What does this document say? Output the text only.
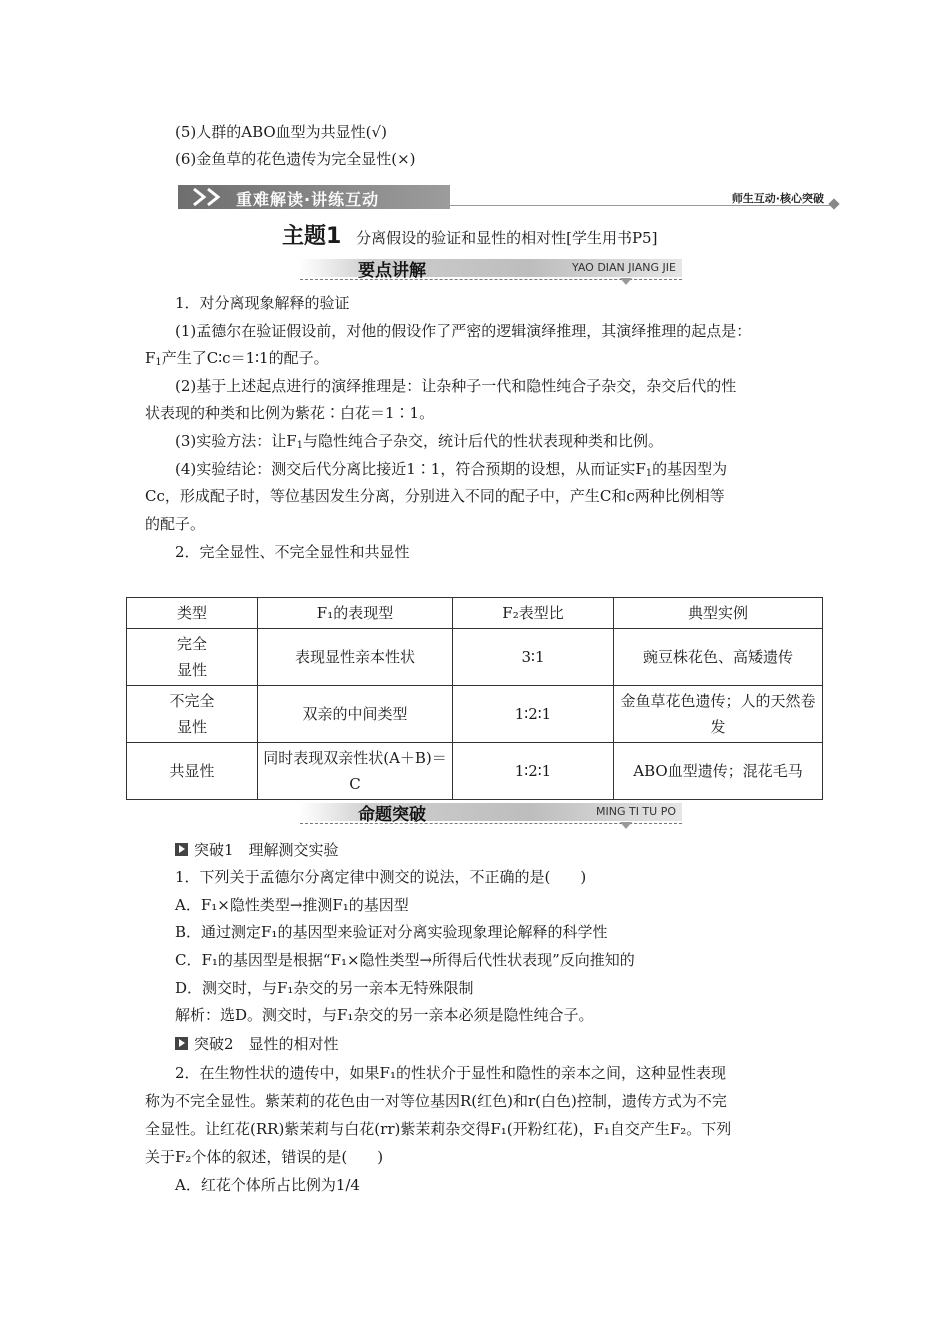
(5)人群的ABO血型为共显性(√)
(6)金鱼草的花色遗传为完全显性(×)
重难解读·讲练互动	师生互动·核心突破
主题1 分离假设的验证和显性的相对性[学生用书P5]
要点讲解	YAO DIAN JIANG JIE
1．对分离现象解释的验证
(1)孟德尔在验证假设前，对他的假设作了严密的逻辑演绎推理，其演绎推理的起点是：
$F_1$产生了C∶c＝1∶1的配子。
(2)基于上述起点进行的演绎推理是：让杂种子一代和隐性纯合子杂交，杂交后代的性
状表现的种类和比例为紫花∶白花＝1∶1。
(3)实验方法：让$F_1$与隐性纯合子杂交，统计后代的性状表现种类和比例。
(4)实验结论：测交后代分离比接近1∶1，符合预期的设想，从而证实$F_1$的基因型为
Cc，形成配子时，等位基因发生分离，分别进入不同的配子中，产生C和c两种比例相等
的配子。
2．完全显性、不完全显性和共显性
类型	F₁的表现型	F₂表型比	典型实例
完全
显性	表现显性亲本性状	3∶1	豌豆株花色、高矮遗传
不完全
显性	双亲的中间类型	1∶2∶1	金鱼草花色遗传；人的天然卷发
共显性	同时表现双亲性状(A＋B)＝C	1∶2∶1	ABO血型遗传；混花毛马
命题突破	MING TI TU PO
突破1　理解测交实验
1．下列关于孟德尔分离定律中测交的说法，不正确的是(　　)
A．F₁×隐性类型→推测F₁的基因型
B．通过测定F₁的基因型来验证对分离实验现象理论解释的科学性
C．F₁的基因型是根据“F₁×隐性类型→所得后代性状表现”反向推知的
D．测交时，与F₁杂交的另一亲本无特殊限制
解析：选D。测交时，与F₁杂交的另一亲本必须是隐性纯合子。
突破2　显性的相对性
2．在生物性状的遗传中，如果F₁的性状介于显性和隐性的亲本之间，这种显性表现
称为不完全显性。紫茉莉的花色由一对等位基因R(红色)和r(白色)控制，遗传方式为不完
全显性。让红花(RR)紫茉莉与白花(rr)紫茉莉杂交得F₁(开粉红花)，F₁自交产生F₂。下列
关于F₂个体的叙述，错误的是(　　)
A．红花个体所占比例为1/4
